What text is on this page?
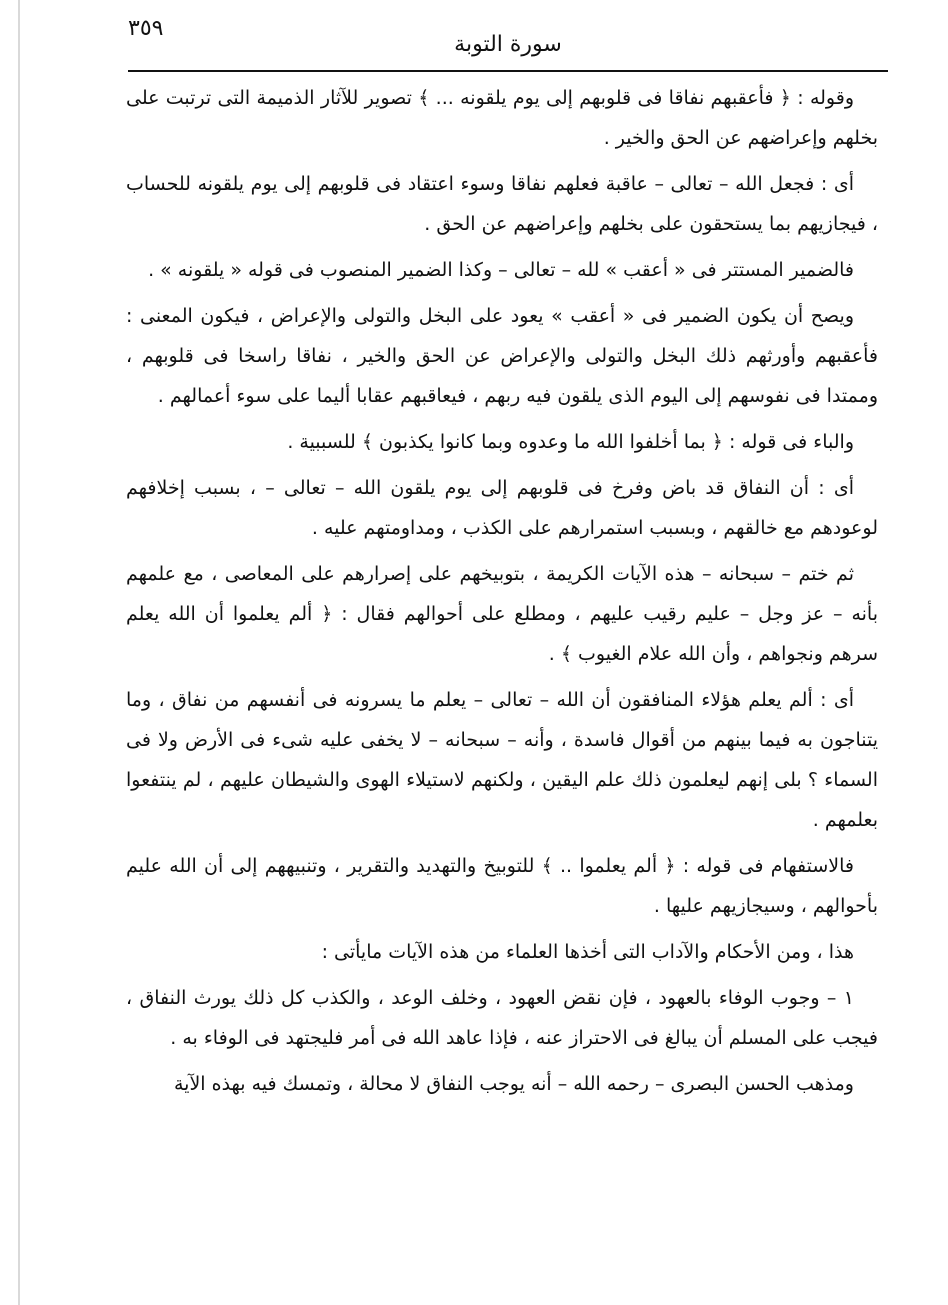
٣٥٩
سورة التوبة

وقوله : ﴿ فأعقبهم نفاقا فى قلوبهم إلى يوم يلقونه ... ﴾ تصوير للآثار الذميمة التى ترتبت على بخلهم وإعراضهم عن الحق والخير .

أى : فجعل الله – تعالى – عاقبة فعلهم نفاقا وسوء اعتقاد فى قلوبهم إلى يوم يلقونه للحساب ، فيجازيهم بما يستحقون على بخلهم وإعراضهم عن الحق .

فالضمير المستتر فى « أعقب » لله – تعالى – وكذا الضمير المنصوب فى قوله « يلقونه » .

ويصح أن يكون الضمير فى « أعقب » يعود على البخل والتولى والإعراض ، فيكون المعنى : فأعقبهم وأورثهم ذلك البخل والتولى والإعراض عن الحق والخير ، نفاقا راسخا فى قلوبهم ، وممتدا فى نفوسهم إلى اليوم الذى يلقون فيه ربهم ، فيعاقبهم عقابا أليما على سوء أعمالهم .

والباء فى قوله : ﴿ بما أخلفوا الله ما وعدوه وبما كانوا يكذبون ﴾ للسببية .

أى : أن النفاق قد باض وفرخ فى قلوبهم إلى يوم يلقون الله – تعالى – ، بسبب إخلافهم لوعودهم مع خالقهم ، وبسبب استمرارهم على الكذب ، ومداومتهم عليه .

ثم ختم – سبحانه – هذه الآيات الكريمة ، بتوبيخهم على إصرارهم على المعاصى ، مع علمهم بأنه – عز وجل – عليم رقيب عليهم ، ومطلع على أحوالهم فقال : ﴿ ألم يعلموا أن الله يعلم سرهم ونجواهم ، وأن الله علام الغيوب ﴾ .

أى : ألم يعلم هؤلاء المنافقون أن الله – تعالى – يعلم ما يسرونه فى أنفسهم من نفاق ، وما يتناجون به فيما بينهم من أقوال فاسدة ، وأنه – سبحانه – لا يخفى عليه شىء فى الأرض ولا فى السماء ؟ بلى إنهم ليعلمون ذلك علم اليقين ، ولكنهم لاستيلاء الهوى والشيطان عليهم ، لم ينتفعوا بعلمهم .

فالاستفهام فى قوله : ﴿ ألم يعلموا .. ﴾ للتوبيخ والتهديد والتقرير ، وتنبيههم إلى أن الله عليم بأحوالهم ، وسيجازيهم عليها .

هذا ، ومن الأحكام والآداب التى أخذها العلماء من هذه الآيات مايأتى :

١ – وجوب الوفاء بالعهود ، فإن نقض العهود ، وخلف الوعد ، والكذب كل ذلك يورث النفاق ، فيجب على المسلم أن يبالغ فى الاحتراز عنه ، فإذا عاهد الله فى أمر فليجتهد فى الوفاء به .

ومذهب الحسن البصرى – رحمه الله – أنه يوجب النفاق لا محالة ، وتمسك فيه بهذه الآية
